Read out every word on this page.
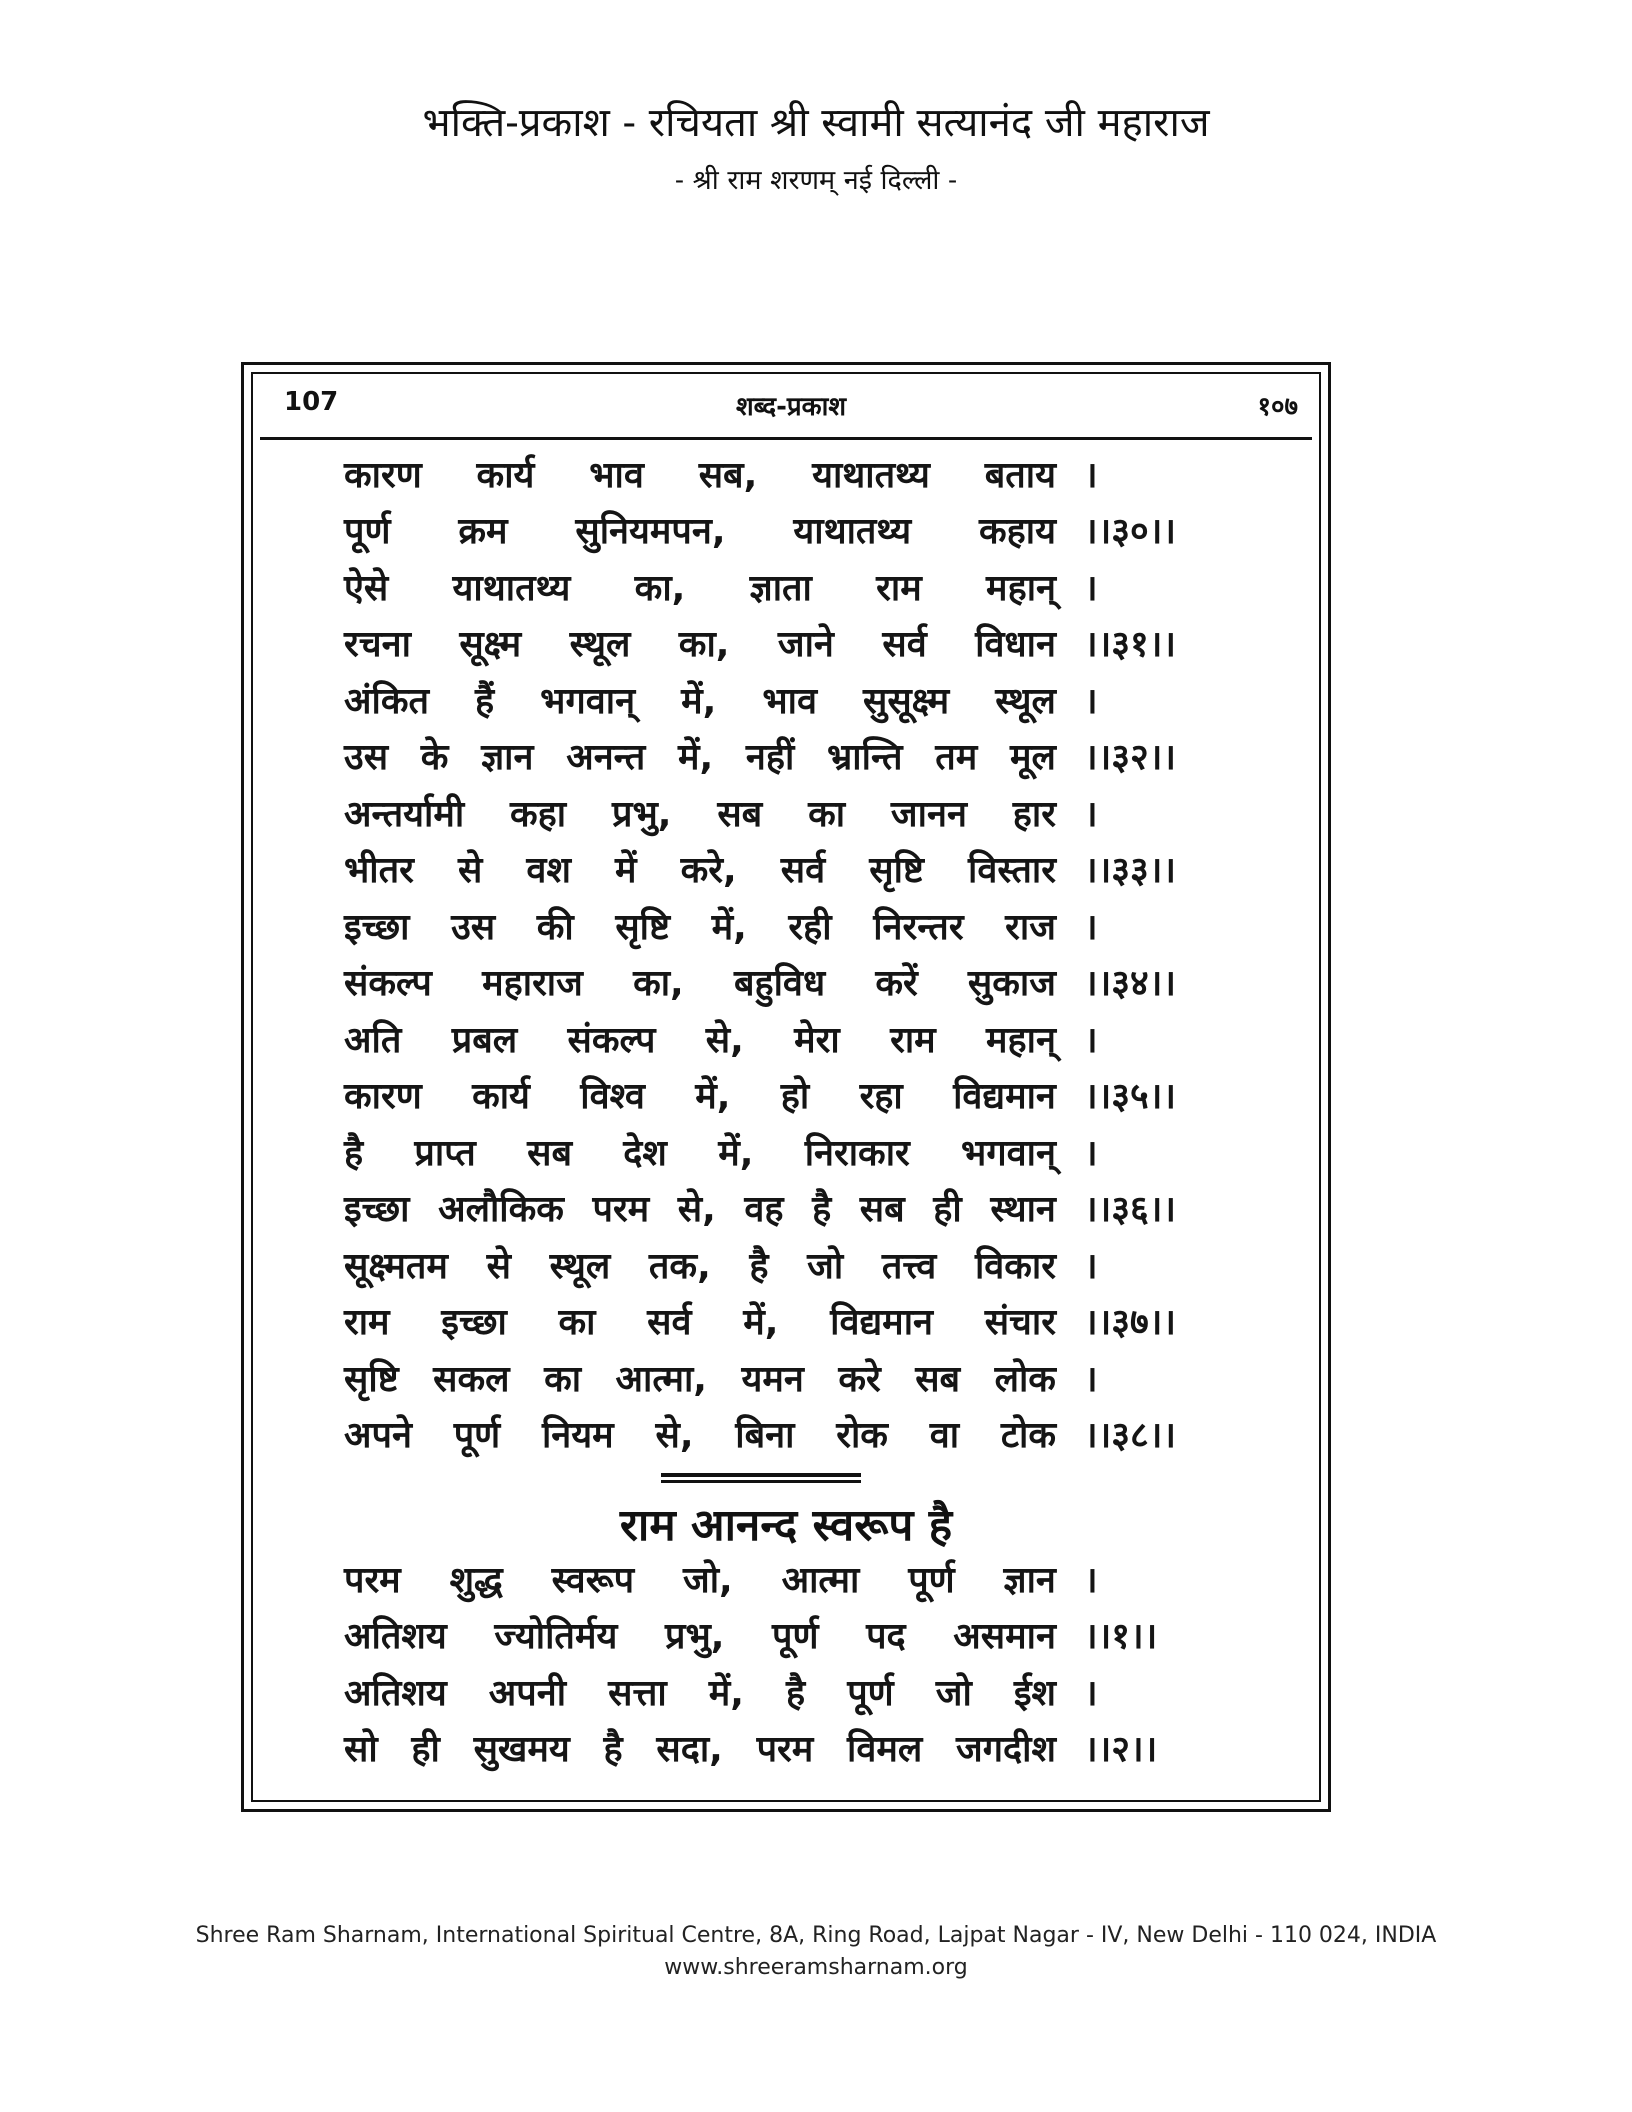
भक्ति-प्रकाश - रचियता श्री स्वामी सत्यानंद जी महाराज
- श्री राम शरणम् नई दिल्ली -
107	शब्द-प्रकाश	१०७
कारण कार्य भाव सब, याथातथ्य बताय ।
पूर्ण क्रम सुनियमपन, याथातथ्य कहाय ।।३०।।
ऐसे याथातथ्य का, ज्ञाता राम महान् ।
रचना सूक्ष्म स्थूल का, जाने सर्व विधान ।।३१।।
अंकित हैं भगवान् में, भाव सुसूक्ष्म स्थूल ।
उस के ज्ञान अनन्त में, नहीं भ्रान्ति तम मूल ।।३२।।
अन्तर्यामी कहा प्रभु, सब का जानन हार ।
भीतर से वश में करे, सर्व सृष्टि विस्तार ।।३३।।
इच्छा उस की सृष्टि में, रही निरन्तर राज ।
संकल्प महाराज का, बहुविध करें सुकाज ।।३४।।
अति प्रबल संकल्प से, मेरा राम महान् ।
कारण कार्य विश्व में, हो रहा विद्यमान ।।३५।।
है प्राप्त सब देश में, निराकार भगवान् ।
इच्छा अलौकिक परम से, वह है सब ही स्थान ।।३६।।
सूक्ष्मतम से स्थूल तक, है जो तत्त्व विकार ।
राम इच्छा का सर्व में, विद्यमान संचार ।।३७।।
सृष्टि सकल का आत्मा, यमन करे सब लोक ।
अपने पूर्ण नियम से, बिना रोक वा टोक ।।३८।।
राम आनन्द स्वरूप है
परम शुद्ध स्वरूप जो, आत्मा पूर्ण ज्ञान ।
अतिशय ज्योतिर्मय प्रभु, पूर्ण पद असमान ।।१।।
अतिशय अपनी सत्ता में, है पूर्ण जो ईश ।
सो ही सुखमय है सदा, परम विमल जगदीश ।।२।।
Shree Ram Sharnam, International Spiritual Centre, 8A, Ring Road, Lajpat Nagar - IV, New Delhi - 110 024, INDIA
www.shreeramsharnam.org
